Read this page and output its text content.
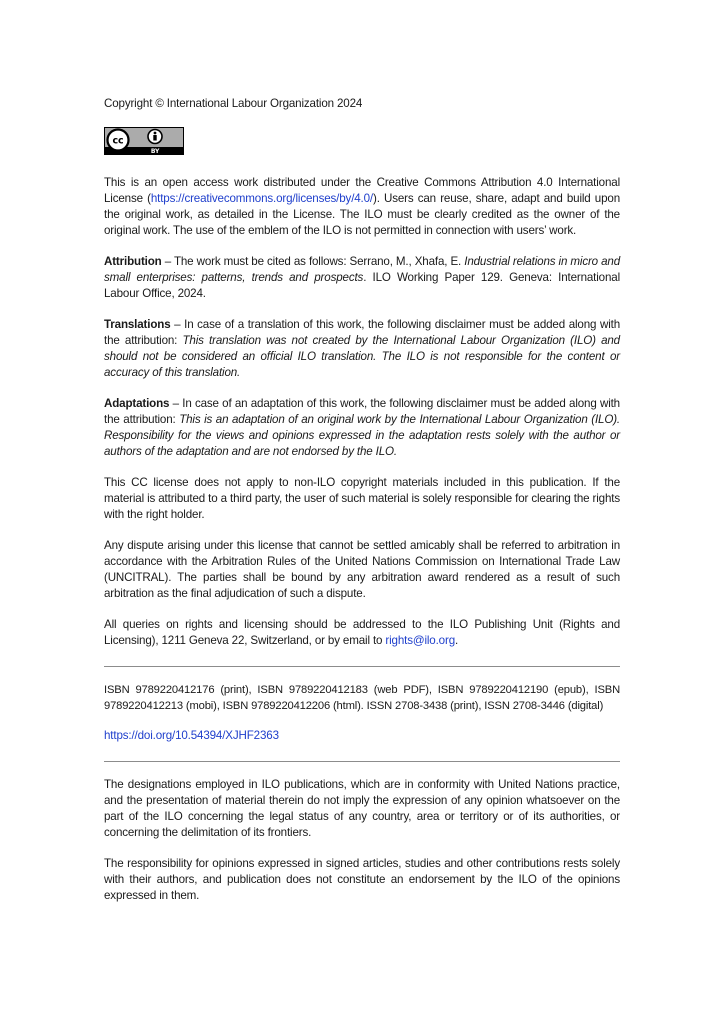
Copyright © International Labour Organization 2024

cc
BY

This is an open access work distributed under the Creative Commons Attribution 4.0 International License (https://creativecommons.org/licenses/by/4.0/). Users can reuse, share, adapt and build upon the original work, as detailed in the License. The ILO must be clearly credited as the owner of the original work. The use of the emblem of the ILO is not permitted in connection with users’ work.

Attribution – The work must be cited as follows: Serrano, M., Xhafa, E. Industrial relations in micro and small enterprises: patterns, trends and prospects. ILO Working Paper 129. Geneva: International Labour Office, 2024.

Translations – In case of a translation of this work, the following disclaimer must be added along with the attribution: This translation was not created by the International Labour Organization (ILO) and should not be considered an official ILO translation. The ILO is not responsible for the content or accuracy of this translation.

Adaptations – In case of an adaptation of this work, the following disclaimer must be added along with the attribution: This is an adaptation of an original work by the International Labour Organization (ILO). Responsibility for the views and opinions expressed in the adaptation rests solely with the author or authors of the adaptation and are not endorsed by the ILO.

This CC license does not apply to non-ILO copyright materials included in this publication. If the material is attributed to a third party, the user of such material is solely responsible for clearing the rights with the right holder.

Any dispute arising under this license that cannot be settled amicably shall be referred to arbitration in accordance with the Arbitration Rules of the United Nations Commission on International Trade Law (UNCITRAL). The parties shall be bound by any arbitration award rendered as a result of such arbitration as the final adjudication of such a dispute.

All queries on rights and licensing should be addressed to the ILO Publishing Unit (Rights and Licensing), 1211 Geneva 22, Switzerland, or by email to rights@ilo.org.

ISBN 9789220412176 (print), ISBN 9789220412183 (web PDF), ISBN 9789220412190 (epub), ISBN 9789220412213 (mobi), ISBN 9789220412206 (html). ISSN 2708-3438 (print), ISSN 2708-3446 (digital)

https://doi.org/10.54394/XJHF2363

The designations employed in ILO publications, which are in conformity with United Nations practice, and the presentation of material therein do not imply the expression of any opinion whatsoever on the part of the ILO concerning the legal status of any country, area or territory or of its authorities, or concerning the delimitation of its frontiers.

The responsibility for opinions expressed in signed articles, studies and other contributions rests solely with their authors, and publication does not constitute an endorsement by the ILO of the opinions expressed in them.
